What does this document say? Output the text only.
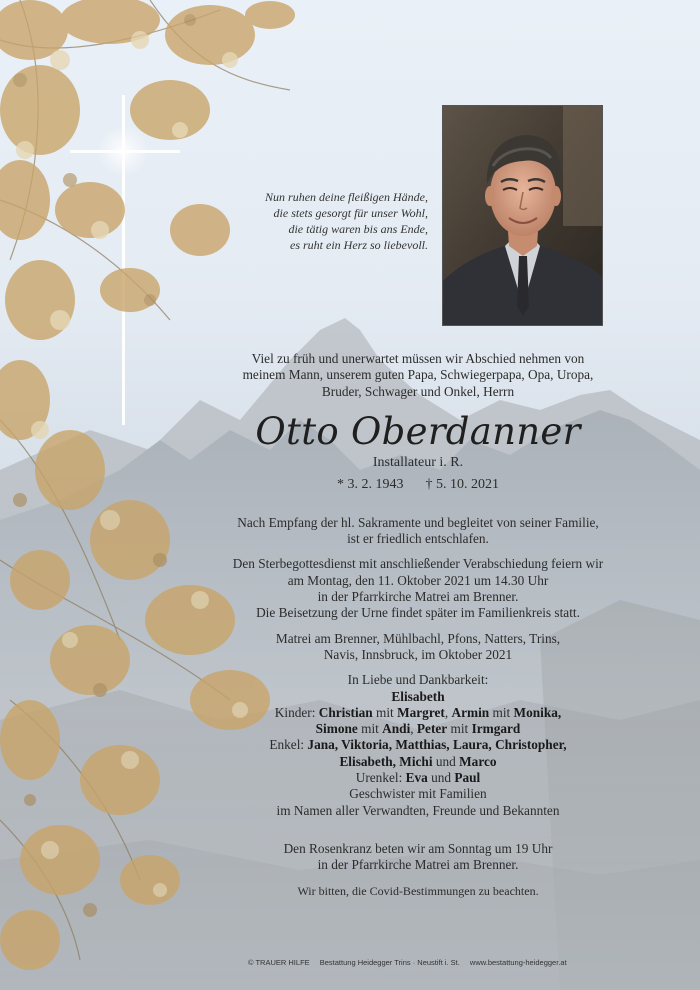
Nun ruhen deine fleißigen Hände,
die stets gesorgt für unser Wohl,
die tätig waren bis ans Ende,
es ruht ein Herz so liebevoll.
Viel zu früh und unerwartet müssen wir Abschied nehmen von
meinem Mann, unserem guten Papa, Schwiegerpapa, Opa, Uropa,
Bruder, Schwager und Onkel, Herrn
Otto Oberdanner
Installateur i. R.
* 3. 2. 1943 † 5. 10. 2021
Nach Empfang der hl. Sakramente und begleitet von seiner Familie,
ist er friedlich entschlafen.
Den Sterbegottesdienst mit anschließender Verabschiedung feiern wir
am Montag, den 11. Oktober 2021 um 14.30 Uhr
in der Pfarrkirche Matrei am Brenner.
Die Beisetzung der Urne findet später im Familienkreis statt.
Matrei am Brenner, Mühlbachl, Pfons, Natters, Trins,
Navis, Innsbruck, im Oktober 2021
In Liebe und Dankbarkeit:
Elisabeth
Kinder: Christian mit Margret, Armin mit Monika,
Simone mit Andi, Peter mit Irmgard
Enkel: Jana, Viktoria, Matthias, Laura, Christopher,
Elisabeth, Michi und Marco
Urenkel: Eva und Paul
Geschwister mit Familien
im Namen aller Verwandten, Freunde und Bekannten
Den Rosenkranz beten wir am Sonntag um 19 Uhr
in der Pfarrkirche Matrei am Brenner.
Wir bitten, die Covid-Bestimmungen zu beachten.
© TRAUER HILFE Bestattung Heidegger Trins · Neustift i. St. www.bestattung-heidegger.at
